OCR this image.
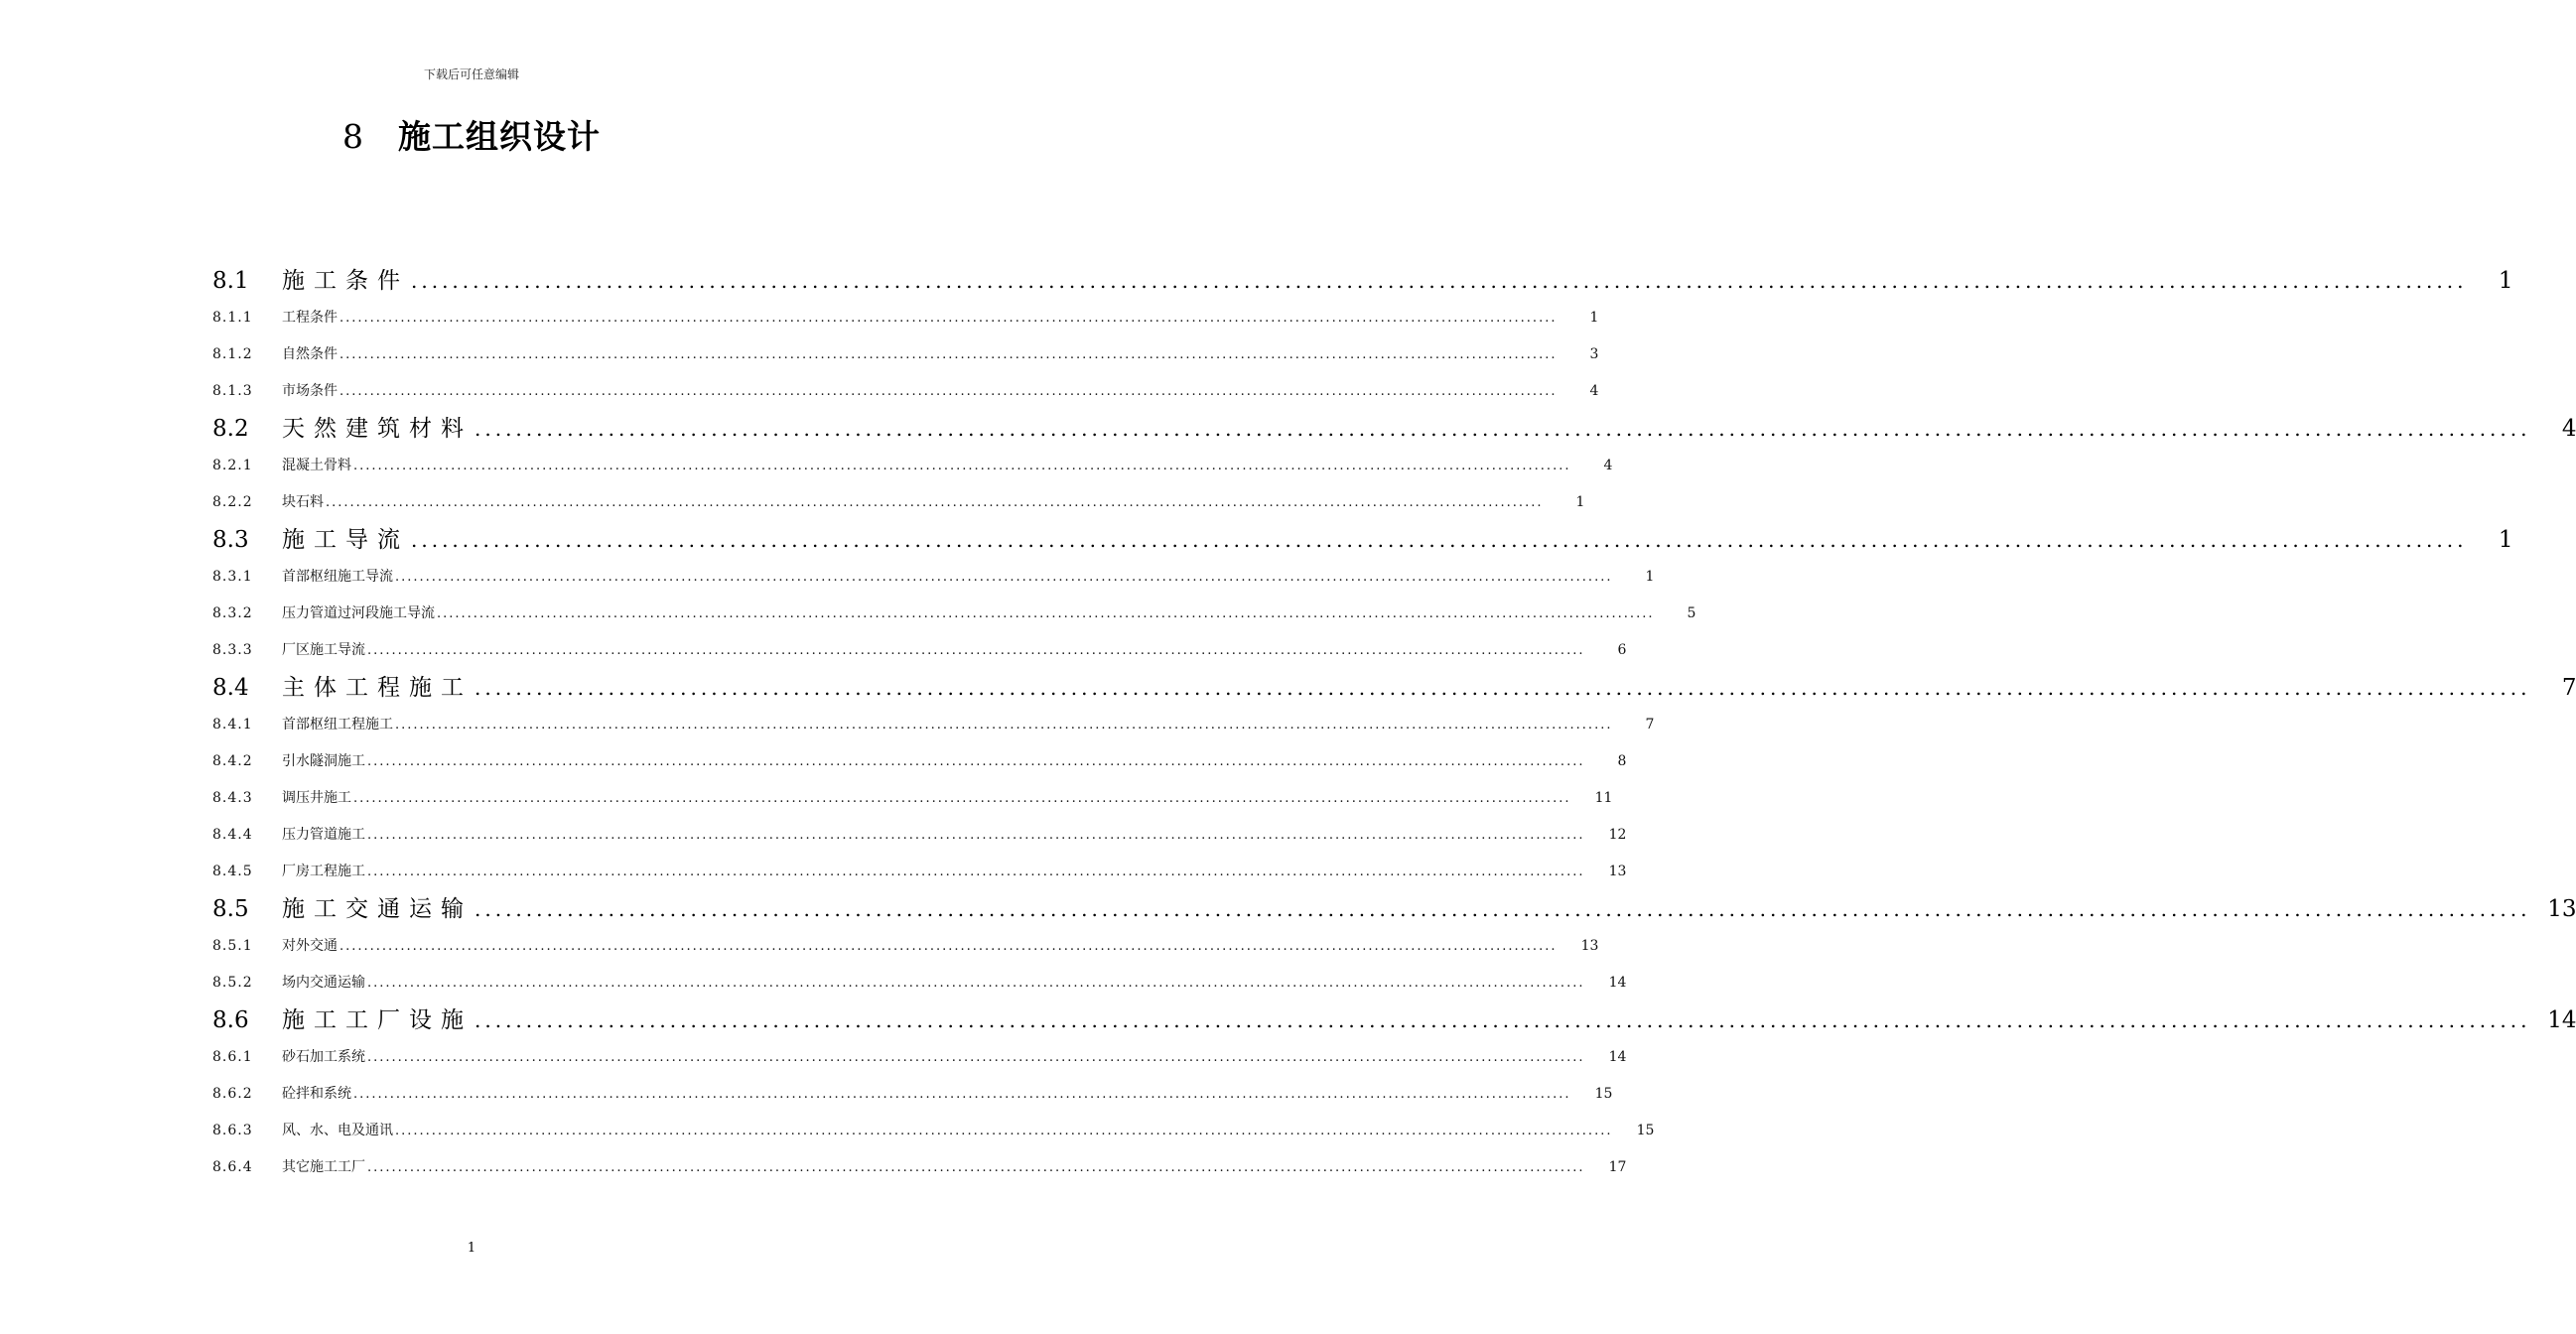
下载后可任意编辑
8 施工组织设计
8.1	施工条件 ........................................................................................................................................................................................................	1
8.1.1	工程条件 ........................................................................................................................................................................................................	1
8.1.2	自然条件 ........................................................................................................................................................................................................	3
8.1.3	市场条件 ........................................................................................................................................................................................................	4
8.2	天然建筑材料 ........................................................................................................................................................................................................	4
8.2.1	混凝土骨料 ........................................................................................................................................................................................................	4
8.2.2	块石料 ........................................................................................................................................................................................................	1
8.3	施工导流 ........................................................................................................................................................................................................	1
8.3.1	首部枢纽施工导流 ........................................................................................................................................................................................................	1
8.3.2	压力管道过河段施工导流 ........................................................................................................................................................................................................	5
8.3.3	厂区施工导流 ........................................................................................................................................................................................................	6
8.4	主体工程施工 ........................................................................................................................................................................................................	7
8.4.1	首部枢纽工程施工 ........................................................................................................................................................................................................	7
8.4.2	引水隧洞施工 ........................................................................................................................................................................................................	8
8.4.3	调压井施工 ........................................................................................................................................................................................................	11
8.4.4	压力管道施工 ........................................................................................................................................................................................................	12
8.4.5	厂房工程施工 ........................................................................................................................................................................................................	13
8.5	施工交通运输 ........................................................................................................................................................................................................ 13
8.5.1	对外交通 ........................................................................................................................................................................................................	13
8.5.2	场内交通运输 ........................................................................................................................................................................................................	14
8.6	施工工厂设施 ........................................................................................................................................................................................................ 14
8.6.1	砂石加工系统 ........................................................................................................................................................................................................	14
8.6.2	砼拌和系统 ........................................................................................................................................................................................................	15
8.6.3	风、水、电及通讯 ........................................................................................................................................................................................................	15
8.6.4	其它施工工厂 ........................................................................................................................................................................................................	17
1
